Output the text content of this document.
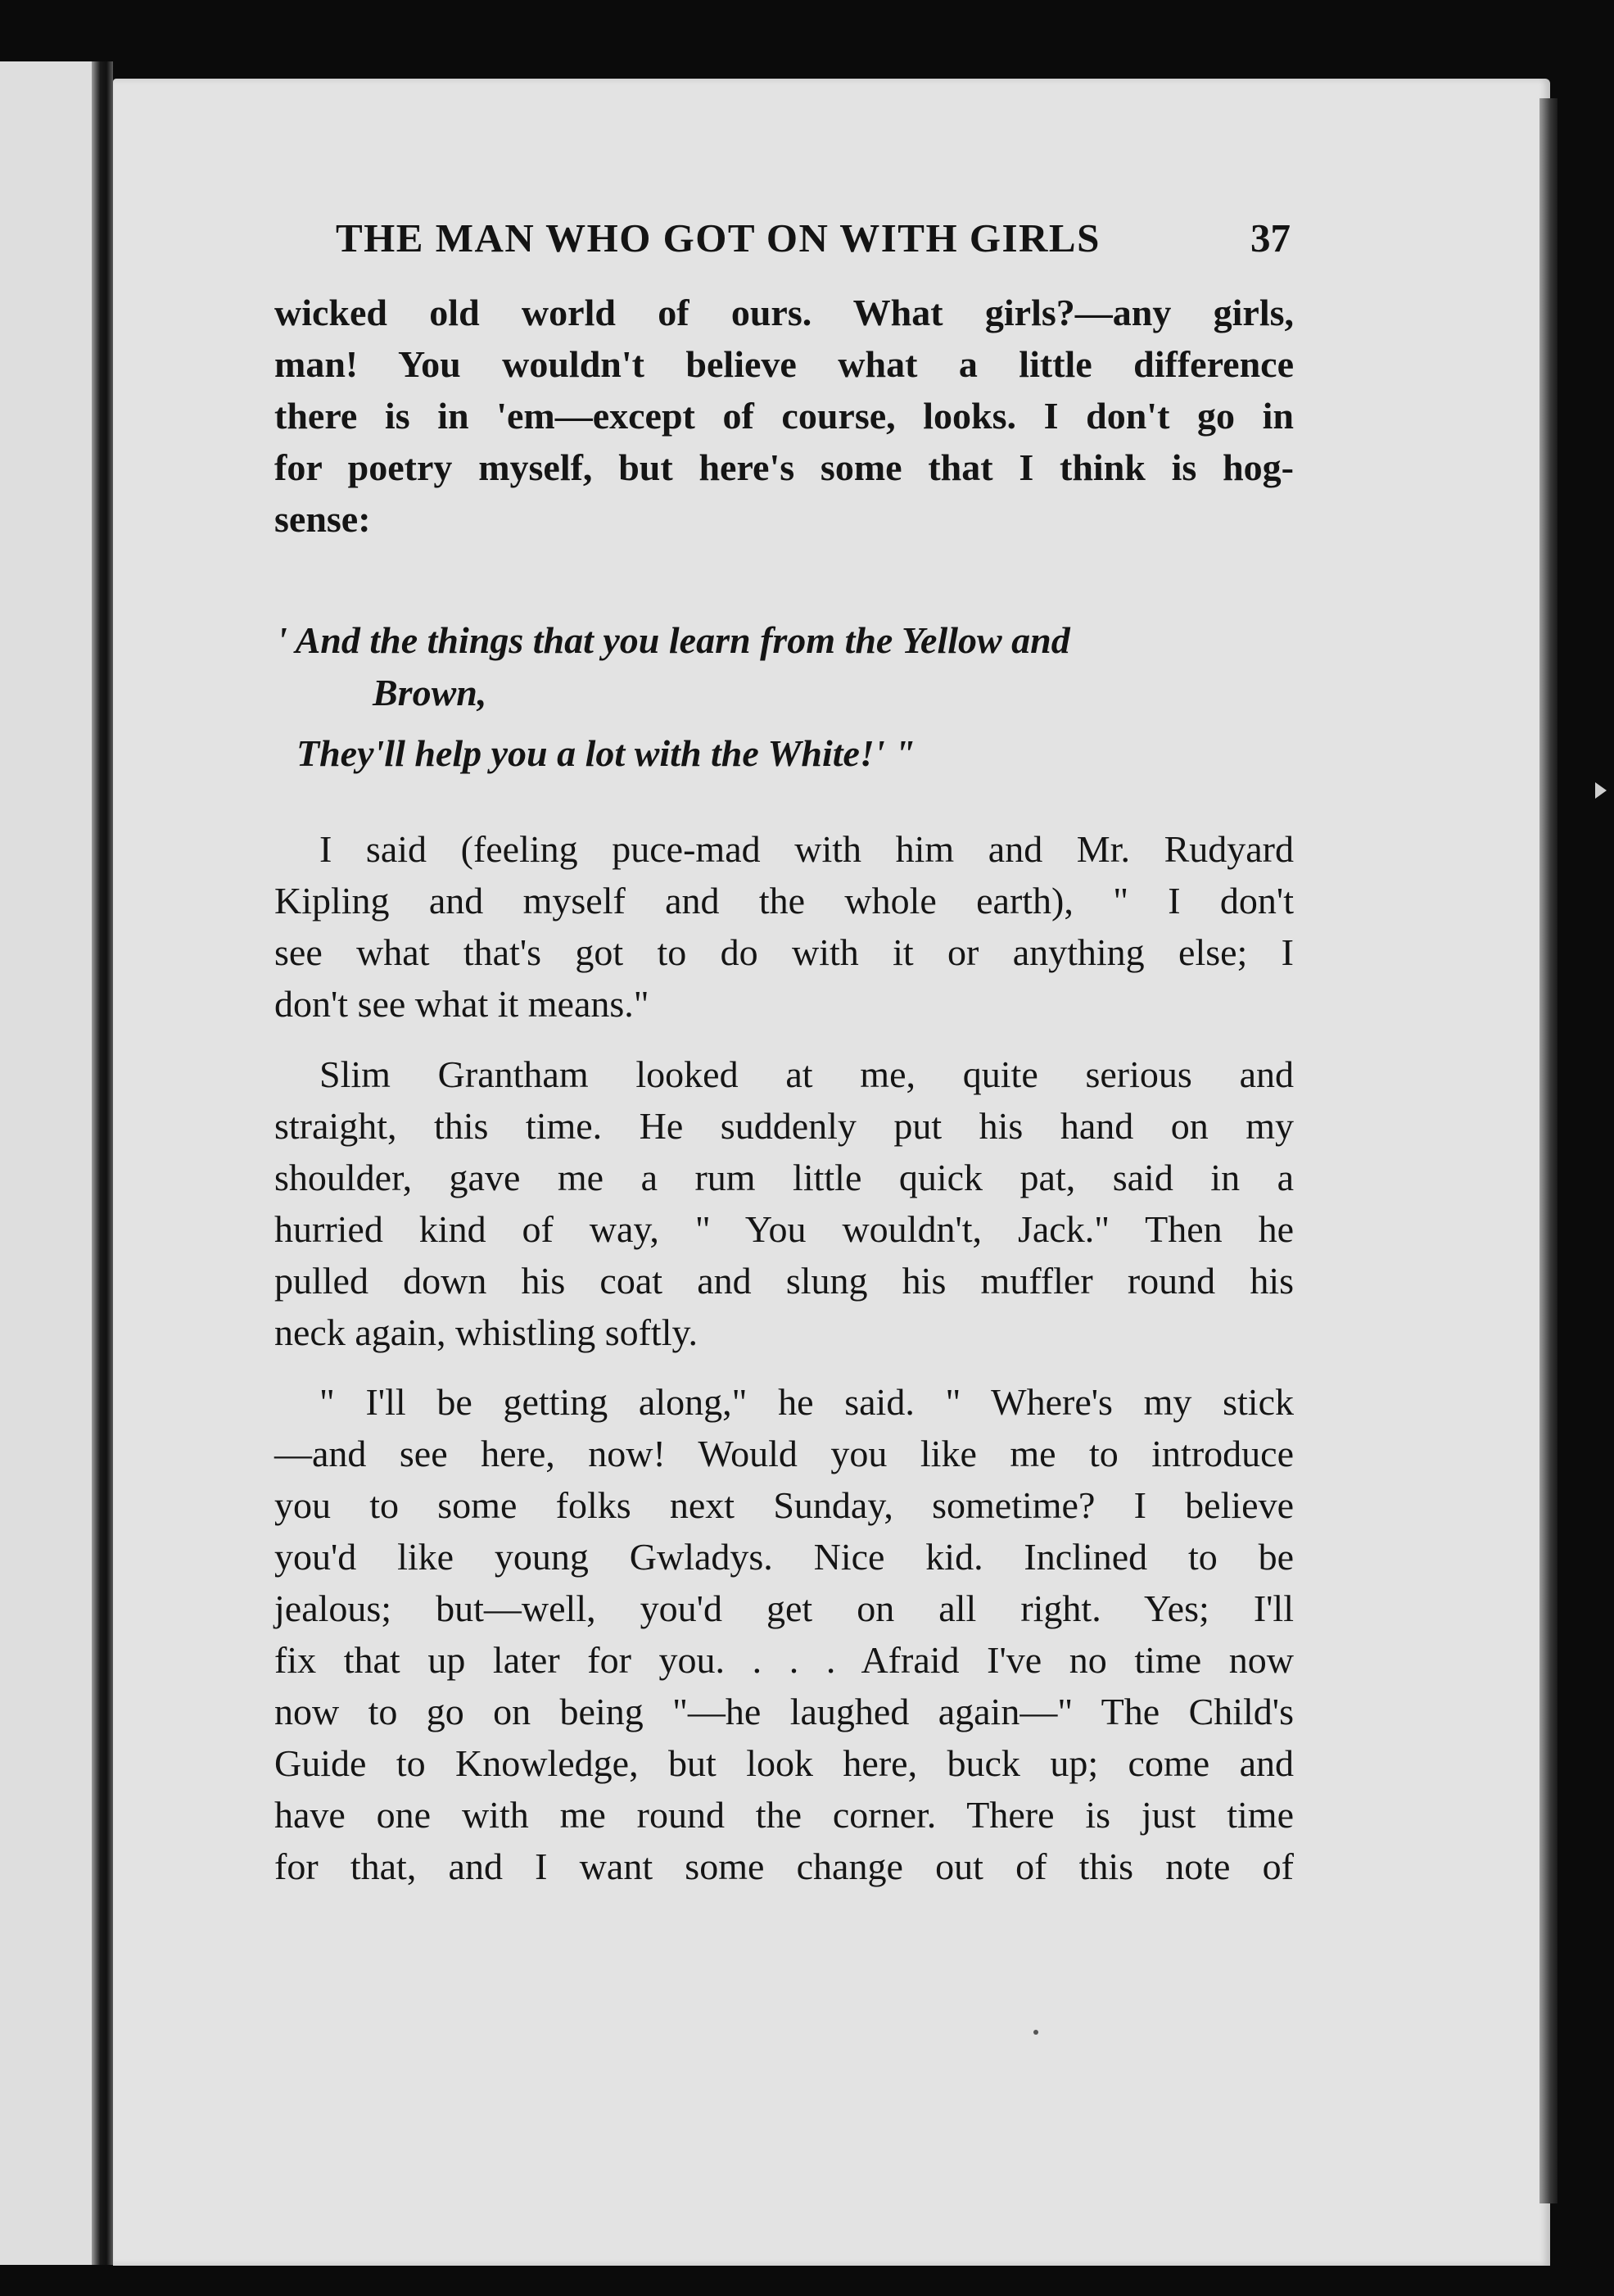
THE MAN WHO GOT ON WITH GIRLS	37
wicked old world of ours. What girls?—any girls,
man! You wouldn't believe what a little difference
there is in 'em—except of course, looks. I don't go in
for poetry myself, but here's some that I think is hog-
sense:
' And the things that you learn from the Yellow and
Brown,
They'll help you a lot with the White!' "
I said (feeling puce-mad with him and Mr. Rudyard
Kipling and myself and the whole earth), " I don't
see what that's got to do with it or anything else; I
don't see what it means."
Slim Grantham looked at me, quite serious and
straight, this time. He suddenly put his hand on my
shoulder, gave me a rum little quick pat, said in a
hurried kind of way, " You wouldn't, Jack." Then he
pulled down his coat and slung his muffler round his
neck again, whistling softly.
" I'll be getting along," he said. " Where's my stick
—and see here, now! Would you like me to introduce
you to some folks next Sunday, sometime? I believe
you'd like young Gwladys. Nice kid. Inclined to be
jealous; but—well, you'd get on all right. Yes; I'll
fix that up later for you. . . . Afraid I've no time now
now to go on being "—he laughed again—" The Child's
Guide to Knowledge, but look here, buck up; come and
have one with me round the corner. There is just time
for that, and I want some change out of this note of
